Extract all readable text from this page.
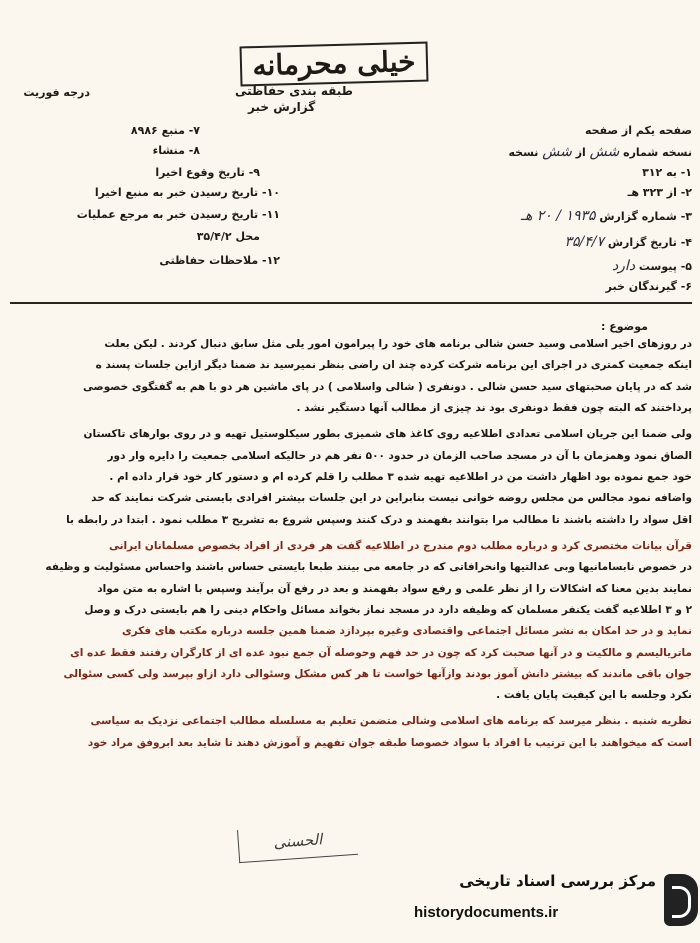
خیلی محرمانه
طبقه بندی حفاظتی
گزارش خبر
درجه فوریت
۷- منبع ۸۹۸۶
۸- منشاء
۹- تاریخ وقوع اخیرا
۱۰- تاریخ رسیدن خبر به منبع اخیرا
۱۱- تاریخ رسیدن خبر به مرجع عملیات
محل ۳۵/۴/۲
۱۲- ملاحظات حفاظتی
صفحه یکم از صفحه
نسخه شماره شش از شش نسخه
۱- به ۳۱۲
۲- از ۳۲۳ هـ
۳- شماره گزارش ۱۹۳۵ / ۲۰ هـ
۴- تاریخ گزارش ۳۵/۴/۷
۵- پیوست دارد
۶- گیرندگان خبر
موضوع :
در روزهای اخیر اسلامی وسید حسن شالی برنامه های خود را پیرامون امور یلی مثل سابق دنبال کردند . لیکن بعلت
اینکه جمعیت کمتری در اجرای این برنامه شرکت کرده چند ان راضی بنظر نمیرسید ند ضمنا دیگر ازاین جلسات پسند ه
شد که در پایان صحبتهای سید حسن شالی . دونفری ( شالی واسلامی ) در پای ماشین هر دو با هم به گفتگوی خصوصی
پرداختند که البته چون فقط دونفری بود ند چیزی از مطالب آنها دستگیر نشد .
ولی ضمنا این جریان اسلامی تعدادی اطلاعیه روی کاغذ های شمیزی بطور سیکلوستیل تهیه و در روی بوارهای تاکستان
الصاق نمود وهمزمان با آن در مسجد صاحب الزمان در حدود ۵۰۰ نفر هم در حالیکه اسلامی جمعیت را دایره وار دور
خود جمع نموده بود اظهار داشت من در اطلاعیه تهیه شده ۳ مطلب را قلم کرده ام و دستور کار خود قرار داده ام .
واضافه نمود مجالس من مجلس روضه خوانی نیست بنابراین در این جلسات بیشتر افرادی بایستی شرکت نمایند که حد
اقل سواد را داشته باشند تا مطالب مرا بتوانند بفهمند و درک کنند وسپس شروع به تشریح ۳ مطلب نمود . ابتدا در رابطه با
قرآن بیانات مختصری کرد و درباره مطلب دوم مندرج در اطلاعیه گفت هر فردی از افراد بخصوص مسلمانان ایرانی
در خصوص نابسامانیها وبی عدالتیها وانحرافاتی که در جامعه می بینند طبعا بایستی حساس باشند واحساس مسئولیت و وظیفه
نمایند بدین معنا که اشکالات را از نظر علمی و رفع سواد بفهمند و بعد در رفع آن برآیند وسپس با اشاره به متن مواد
۲ و ۳ اطلاعیه گفت یکنفر مسلمان که وظیفه دارد در مسجد نماز بخواند مسائل واحکام دینی را هم بایستی درک و وصل
نماید و در حد امکان به نشر مسائل اجتماعی واقتصادی وغیره بپردازد ضمنا همین جلسه درباره مکتب های فکری
ماتریالیسم و مالکیت و در آنها صحبت کرد که چون در حد فهم وحوصله آن جمع نبود عده ای از کارگران رفتند فقط عده ای
جوان باقی ماندند که بیشتر دانش آموز بودند وازآنها خواست تا هر کس مشکل وسئوالی دارد ازاو بپرسد ولی کسی سئوالی
نکرد وجلسه با این کیفیت پایان یافت .
نظریه شنبه . بنظر میرسد که برنامه های اسلامی وشالی متضمن تعلیم به مسلسله مطالب اجتماعی نزدیک به سیاسی
است که میخواهند با این ترتیب با افراد با سواد خصوصا طبقه جوان تفهیم و آموزش دهند تا شاید بعد ابروفق مراد خود
الحسنی
مرکز بررسی اسناد تاریخی
historydocuments.ir
